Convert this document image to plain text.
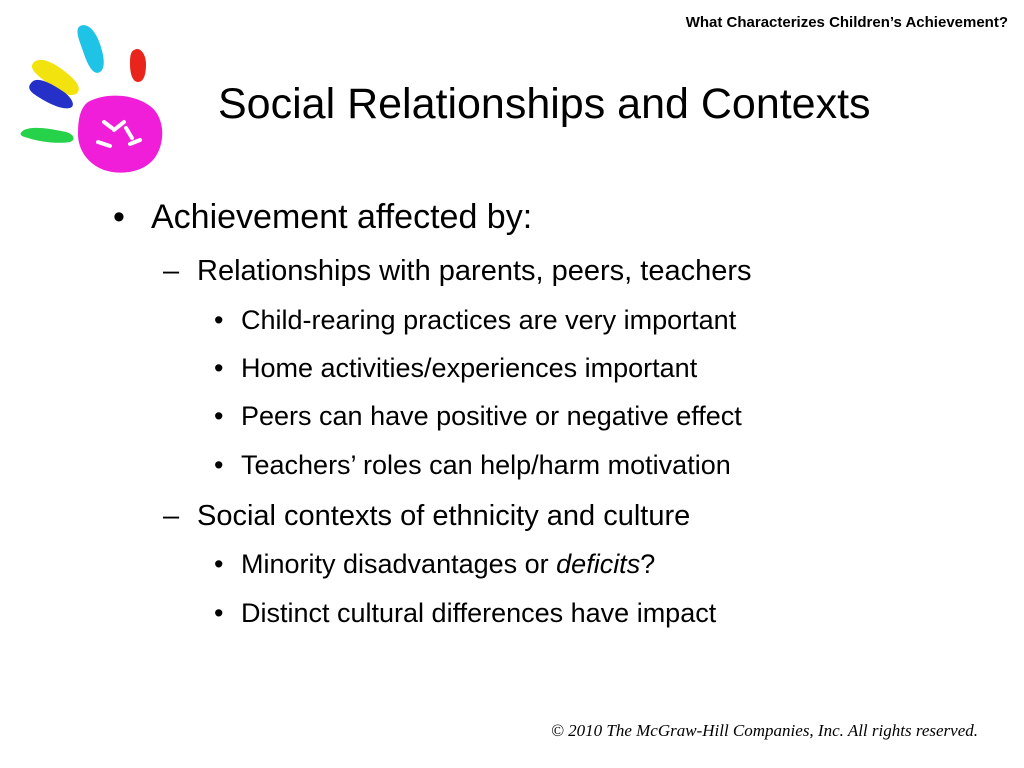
What Characterizes Children’s Achievement?
Social Relationships and Contexts
• Achievement affected by:
– Relationships with parents, peers, teachers
• Child-rearing practices are very important
• Home activities/experiences important
• Peers can have positive or negative effect
• Teachers’ roles can help/harm motivation
– Social contexts of ethnicity and culture
• Minority disadvantages or deficits?
• Distinct cultural differences have impact
© 2010 The McGraw-Hill Companies, Inc. All rights reserved.
